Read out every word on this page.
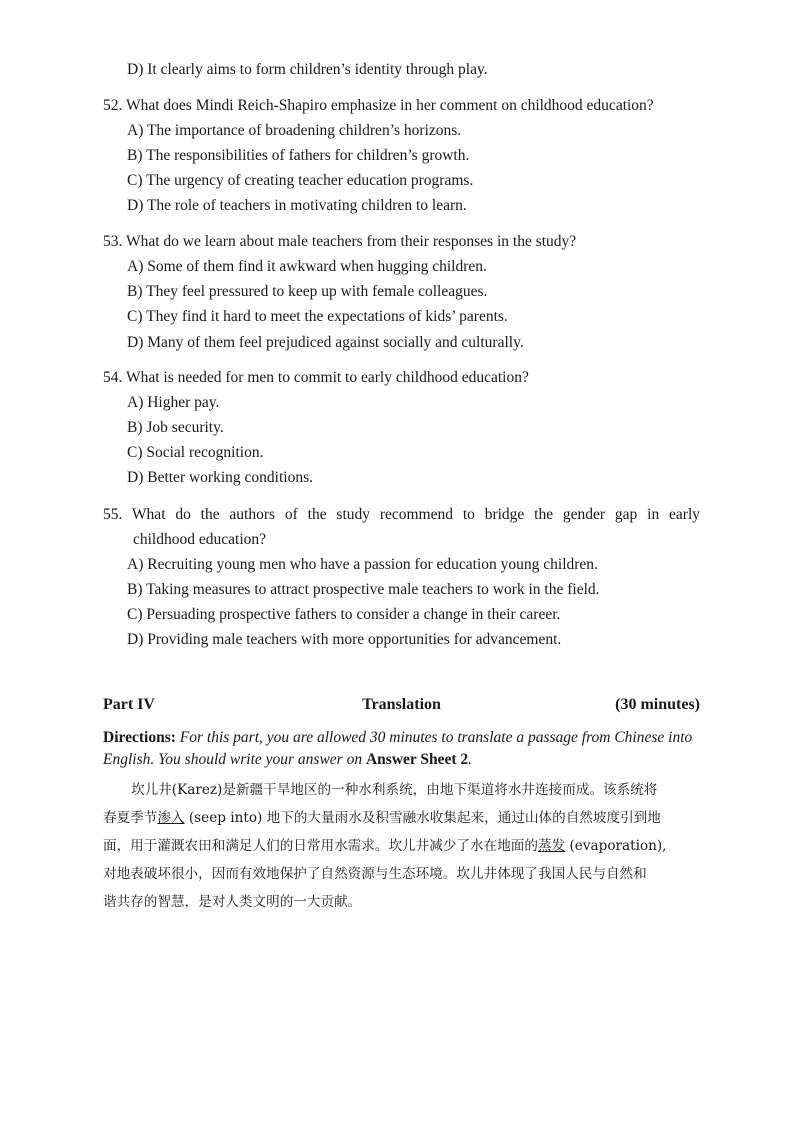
D) It clearly aims to form children’s identity through play.
52. What does Mindi Reich-Shapiro emphasize in her comment on childhood education?
A) The importance of broadening children’s horizons.
B) The responsibilities of fathers for children’s growth.
C) The urgency of creating teacher education programs.
D) The role of teachers in motivating children to learn.
53. What do we learn about male teachers from their responses in the study?
A) Some of them find it awkward when hugging children.
B) They feel pressured to keep up with female colleagues.
C) They find it hard to meet the expectations of kids’ parents.
D) Many of them feel prejudiced against socially and culturally.
54. What is needed for men to commit to early childhood education?
A) Higher pay.
B) Job security.
C) Social recognition.
D) Better working conditions.
55. What do the authors of the study recommend to bridge the gender gap in early
childhood education?
A) Recruiting young men who have a passion for education young children.
B) Taking measures to attract prospective male teachers to work in the field.
C) Persuading prospective fathers to consider a change in their career.
D) Providing male teachers with more opportunities for advancement.
Part IV	Translation	(30 minutes)
Directions: For this part, you are allowed 30 minutes to translate a passage from Chinese into
English. You should write your answer on Answer Sheet 2.
坎儿井(Karez)是新疆干旱地区的一种水利系统，由地下渠道将水井连接而成。该系统将
春夏季节渗入 (seep into) 地下的大量雨水及积雪融水收集起来，通过山体的自然坡度引到地
面，用于灌溉农田和满足人们的日常用水需求。坎儿井减少了水在地面的蒸发 (evaporation),
对地表破坏很小，因而有效地保护了自然资源与生态环境。坎儿井体现了我国人民与自然和
谐共存的智慧，是对人类文明的一大贡献。
